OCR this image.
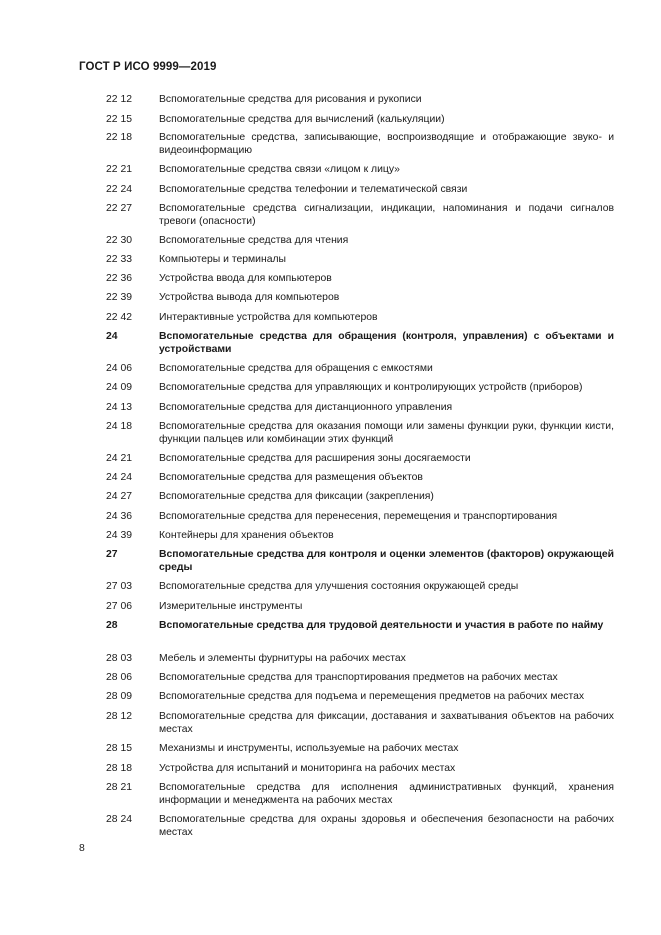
ГОСТ Р ИСО 9999—2019
22 12	Вспомогательные средства для рисования и рукописи
22 15	Вспомогательные средства для вычислений (калькуляции)
22 18	Вспомогательные средства, записывающие, воспроизводящие и отображающие звуко- и видеоинформацию
22 21	Вспомогательные средства связи «лицом к лицу»
22 24	Вспомогательные средства телефонии и телематической связи
22 27	Вспомогательные средства сигнализации, индикации, напоминания и подачи сигналов тревоги (опасности)
22 30	Вспомогательные средства для чтения
22 33	Компьютеры и терминалы
22 36	Устройства ввода для компьютеров
22 39	Устройства вывода для компьютеров
22 42	Интерактивные устройства для компьютеров
24	Вспомогательные средства для обращения (контроля, управления) с объектами и устройствами
24 06	Вспомогательные средства для обращения с емкостями
24 09	Вспомогательные средства для управляющих и контролирующих устройств (приборов)
24 13	Вспомогательные средства для дистанционного управления
24 18	Вспомогательные средства для оказания помощи или замены функции руки, функции кисти, функции пальцев или комбинации этих функций
24 21	Вспомогательные средства для расширения зоны досягаемости
24 24	Вспомогательные средства для размещения объектов
24 27	Вспомогательные средства для фиксации (закрепления)
24 36	Вспомогательные средства для перенесения, перемещения и транспортирования
24 39	Контейнеры для хранения объектов
27	Вспомогательные средства для контроля и оценки элементов (факторов) окружающей среды
27 03	Вспомогательные средства для улучшения состояния окружающей среды
27 06	Измерительные инструменты
28	Вспомогательные средства для трудовой деятельности и участия в работе по найму
28 03	Мебель и элементы фурнитуры на рабочих местах
28 06	Вспомогательные средства для транспортирования предметов на рабочих местах
28 09	Вспомогательные средства для подъема и перемещения предметов на рабочих местах
28 12	Вспомогательные средства для фиксации, доставания и захватывания объектов на рабочих местах
28 15	Механизмы и инструменты, используемые на рабочих местах
28 18	Устройства для испытаний и мониторинга на рабочих местах
28 21	Вспомогательные средства для исполнения административных функций, хранения информации и менеджмента на рабочих местах
28 24	Вспомогательные средства для охраны здоровья и обеспечения безопасности на рабочих местах
8
